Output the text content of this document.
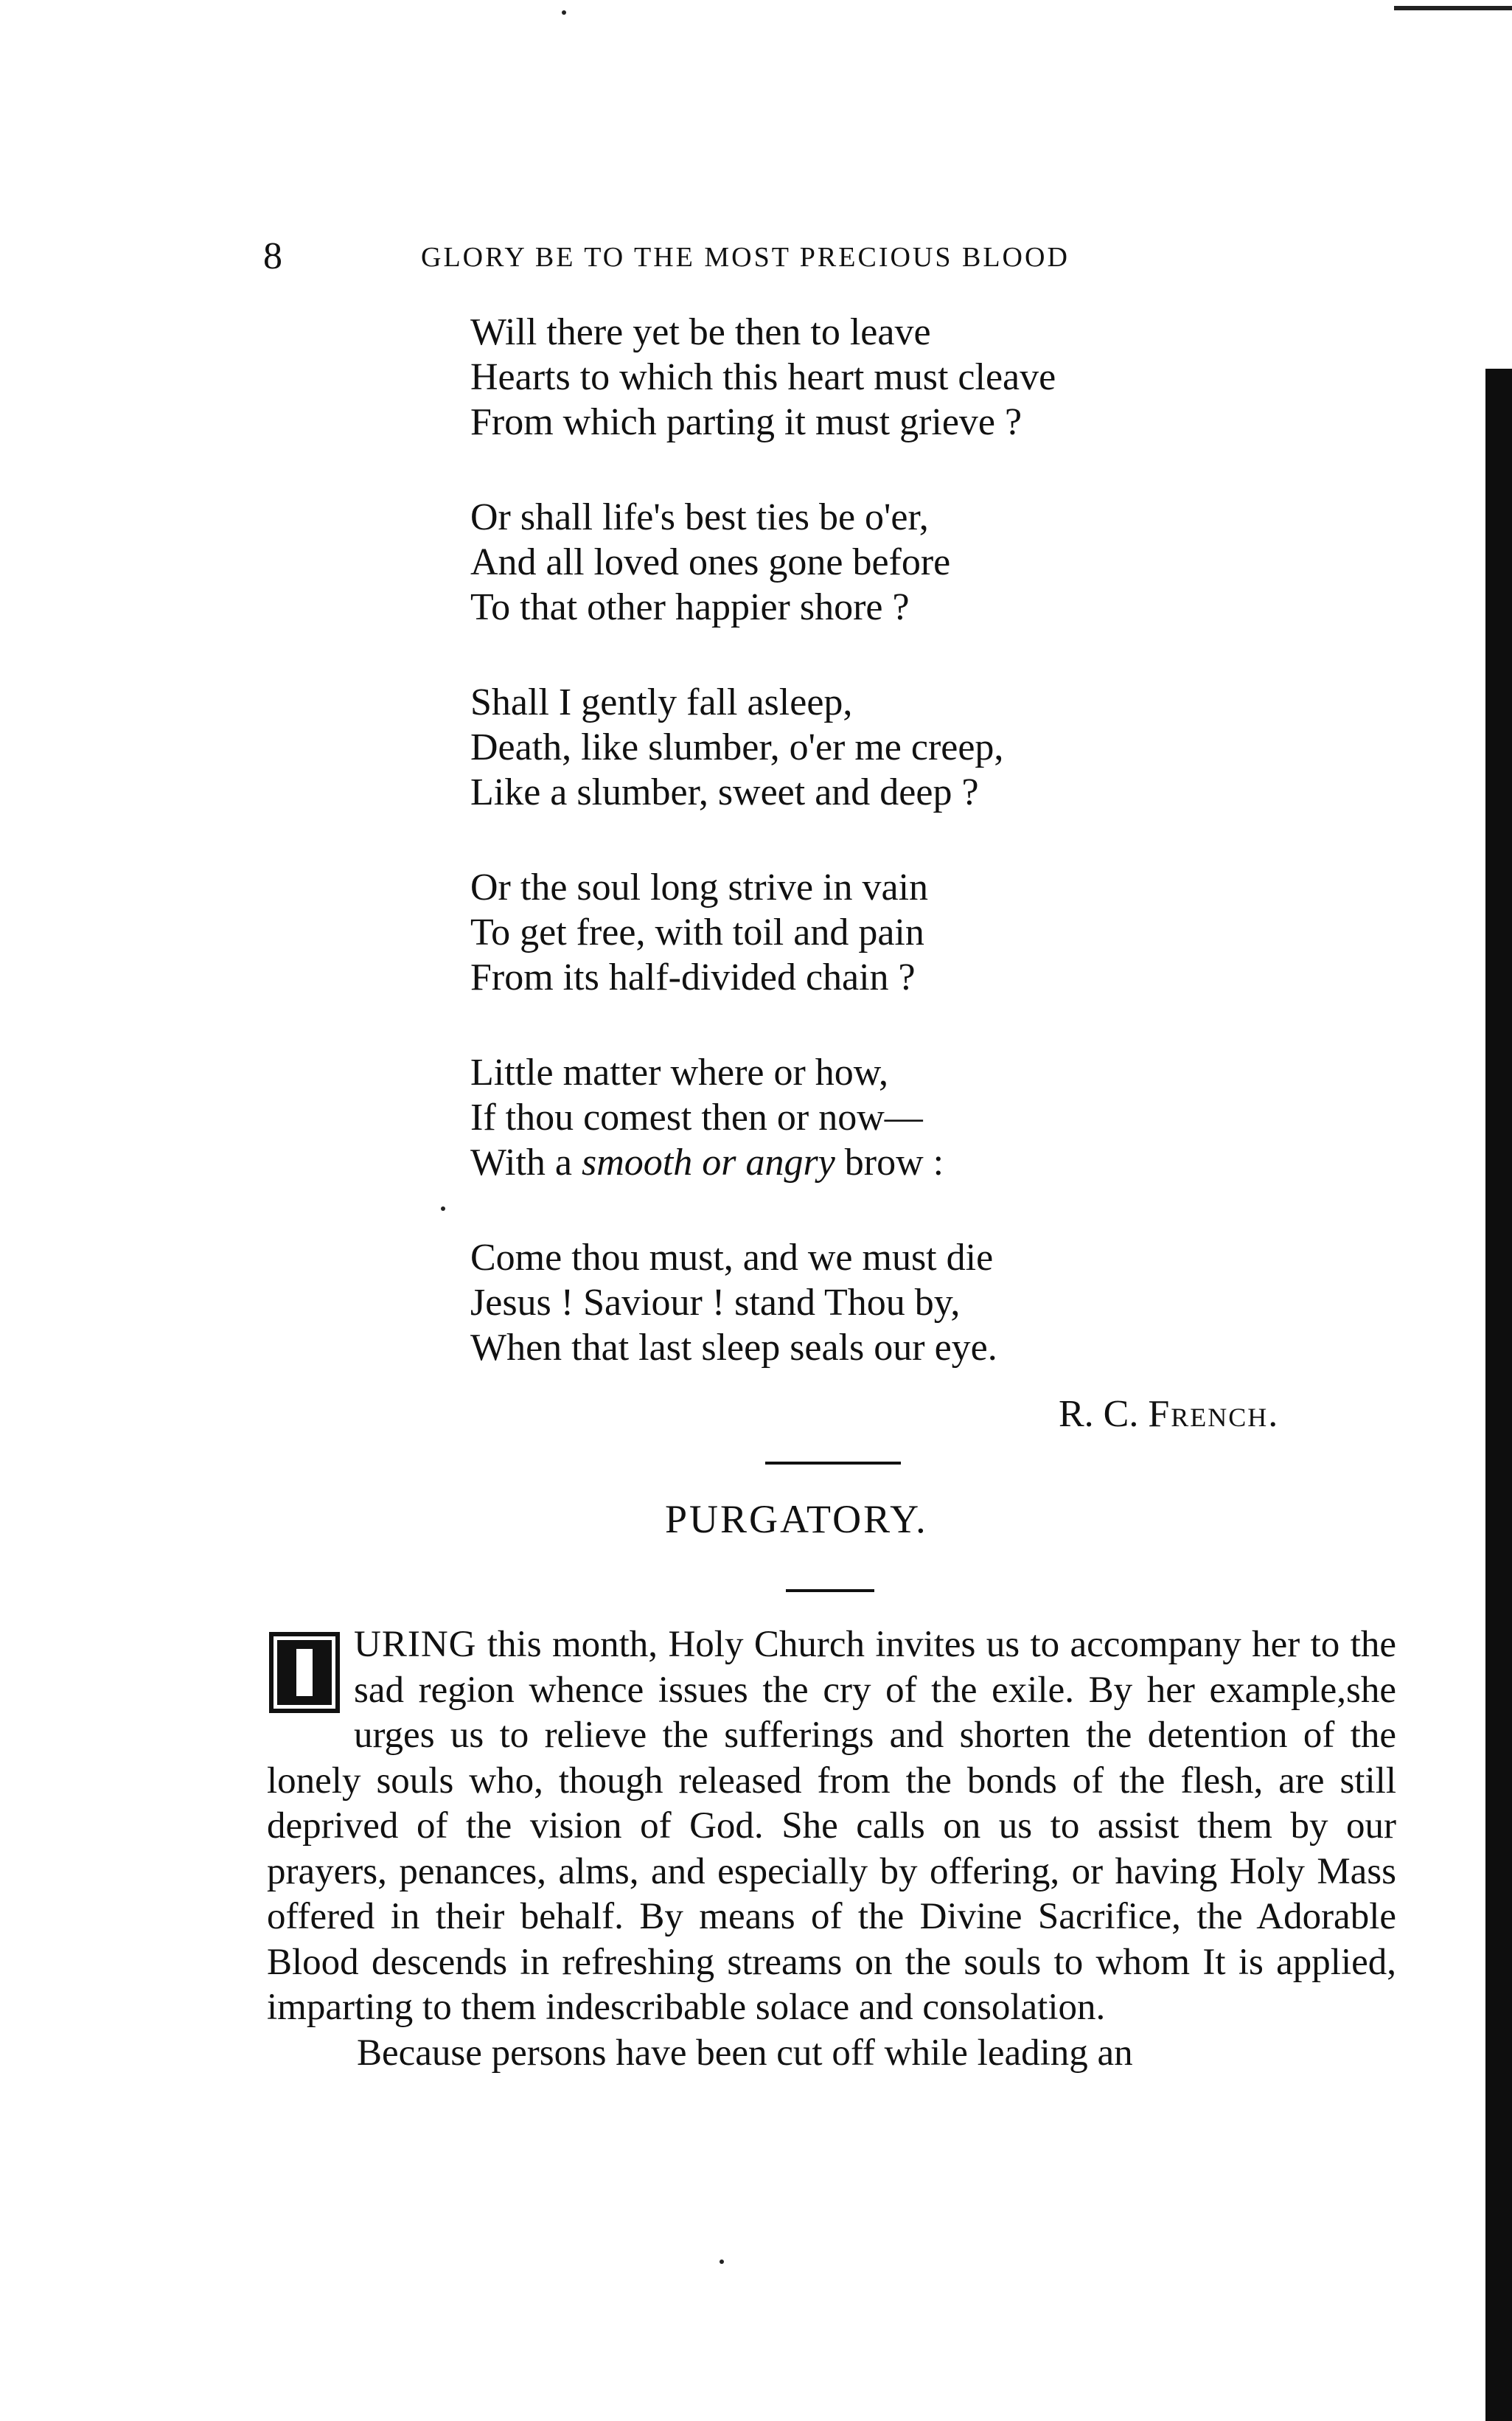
8	GLORY BE TO THE MOST PRECIOUS BLOOD
Will there yet be then to leave
Hearts to which this heart must cleave
From which parting it must grieve ?
Or shall life's best ties be o'er,
And all loved ones gone before
To that other happier shore ?
Shall I gently fall asleep,
Death, like slumber, o'er me creep,
Like a slumber, sweet and deep ?
Or the soul long strive in vain
To get free, with toil and pain
From its half-divided chain ?
Little matter where or how,
If thou comest then or now—
With a smooth or angry brow :
Come thou must, and we must die
Jesus ! Saviour ! stand Thou by,
When that last sleep seals our eye.
R. C. French.
PURGATORY.

URING this month, Holy Church invites us to accompany her to the sad region whence issues the cry of the exile. By her example,she urges us to relieve the sufferings and shorten the detention of the lonely souls who, though released from the bonds of the flesh, are still deprived of the vision of God. She calls on us to assist them by our prayers, penances, alms, and especially by offering, or having Holy Mass offered in their behalf. By means of the Divine Sacrifice, the Adorable Blood descends in refreshing streams on the souls to whom It is applied, imparting to them indescribable solace and consolation.

Because persons have been cut off while leading an
